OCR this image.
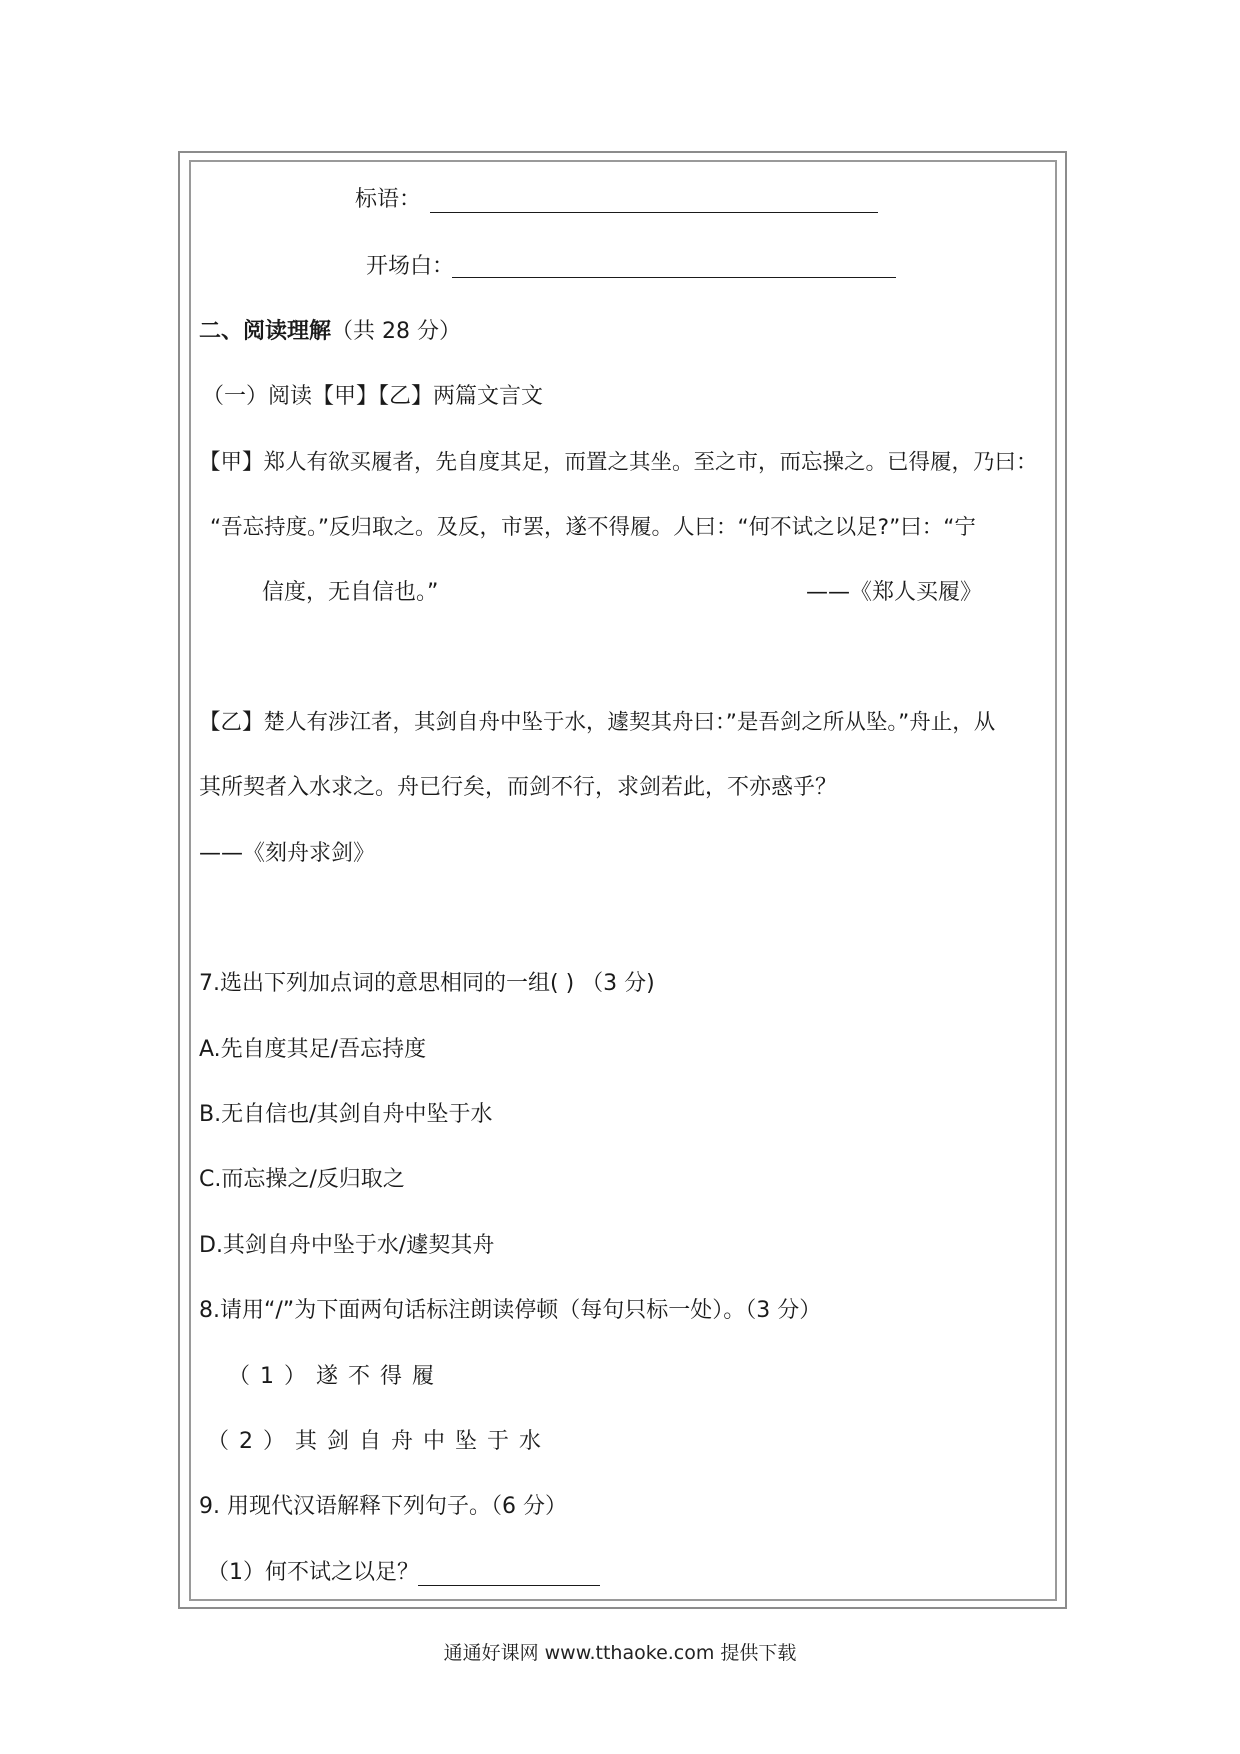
标语：
开场白：
二、阅读理解（共 28 分）
（一）阅读【甲】【乙】两篇文言文
【甲】郑人有欲买履者，先自度其足，而置之其坐。至之市，而忘操之。已得履，乃曰：
“吾忘持度。”反归取之。及反，市罢，遂不得履。人曰：“何不试之以足?”曰：“宁
信度，无自信也。”	——《郑人买履》
【乙】楚人有涉江者，其剑自舟中坠于水，遽契其舟曰：”是吾剑之所从坠。”舟止，从
其所契者入水求之。舟已行矣，而剑不行，求剑若此，不亦惑乎？
——《刻舟求剑》
7.选出下列加点词的意思相同的一组( ) （3 分)
A.先自度其足/吾忘持度
B.无自信也/其剑自舟中坠于水
C.而忘操之/反归取之
D.其剑自舟中坠于水/遽契其舟
8.请用“/”为下面两句话标注朗读停顿（每句只标一处）。（3 分）
（1）遂不得履
（2）其剑自舟中坠于水
9. 用现代汉语解释下列句子。（6 分）
（1）何不试之以足？
通通好课网 www.tthaoke.com 提供下载
